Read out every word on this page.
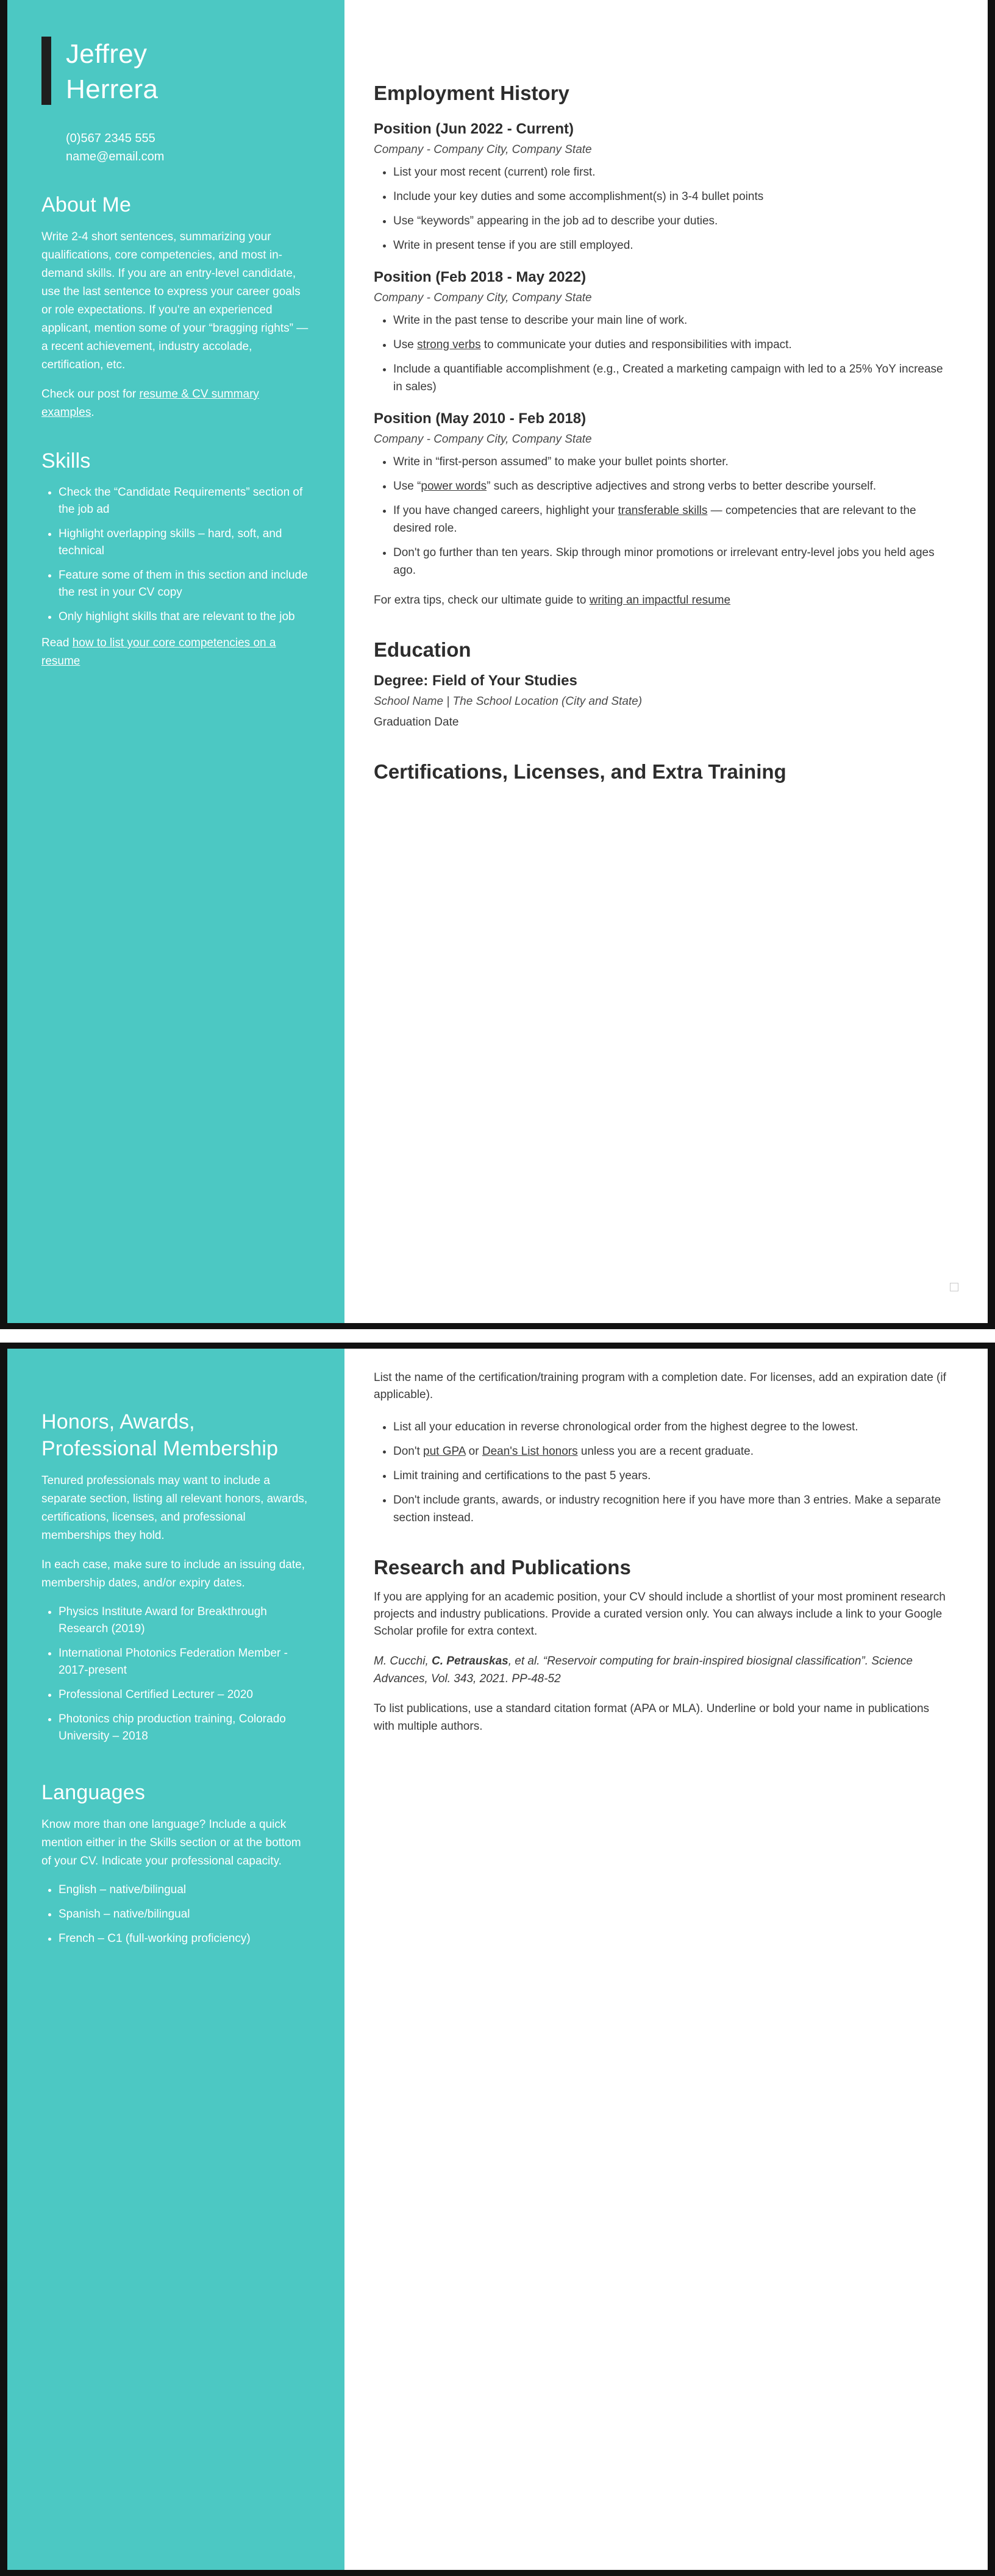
Jeffrey
Herrera
(0)567 2345 555
name@email.com
About Me

Write 2-4 short sentences, summarizing your qualifications, core competencies, and most in-demand skills. If you are an entry-level candidate, use the last sentence to express your career goals or role expectations. If you're an experienced applicant, mention some of your “bragging rights” — a recent achievement, industry accolade, certification, etc.

Check our post for resume & CV summary examples.

Skills
• Check the “Candidate Requirements” section of the job ad
• Highlight overlapping skills – hard, soft, and technical
• Feature some of them in this section and include the rest in your CV copy
• Only highlight skills that are relevant to the job

Read how to list your core competencies on a resume

Employment History
Position (Jun 2022 - Current)

Company - Company City, Company State

• List your most recent (current) role first.
• Include your key duties and some accomplishment(s) in 3-4 bullet points
• Use “keywords” appearing in the job ad to describe your duties.
• Write in present tense if you are still employed.
Position (Feb 2018 - May 2022)

Company - Company City, Company State

• Write in the past tense to describe your main line of work.
• Use strong verbs to communicate your duties and responsibilities with impact.
• Include a quantifiable accomplishment (e.g., Created a marketing campaign with led to a 25% YoY increase in sales)
Position (May 2010 - Feb 2018)

Company - Company City, Company State

• Write in “first-person assumed” to make your bullet points shorter.
• Use “power words” such as descriptive adjectives and strong verbs to better describe yourself.
• If you have changed careers, highlight your transferable skills — competencies that are relevant to the desired role.
• Don't go further than ten years. Skip through minor promotions or irrelevant entry-level jobs you held ages ago.

For extra tips, check our ultimate guide to writing an impactful resume

Education
Degree: Field of Your Studies

School Name | The School Location (City and State)

Graduation Date

Certifications, Licenses, and Extra Training
Honors, Awards, Professional Membership

Tenured professionals may want to include a separate section, listing all relevant honors, awards, certifications, licenses, and professional memberships they hold.

In each case, make sure to include an issuing date, membership dates, and/or expiry dates.

• Physics Institute Award for Breakthrough Research (2019)
• International Photonics Federation Member - 2017-present
• Professional Certified Lecturer – 2020
• Photonics chip production training, Colorado University – 2018
Languages

Know more than one language? Include a quick mention either in the Skills section or at the bottom of your CV. Indicate your professional capacity.

• English – native/bilingual
• Spanish – native/bilingual
• French – C1 (full-working proficiency)

List the name of the certification/training program with a completion date. For licenses, add an expiration date (if applicable).

• List all your education in reverse chronological order from the highest degree to the lowest.
• Don't put GPA or Dean's List honors unless you are a recent graduate.
• Limit training and certifications to the past 5 years.
• Don't include grants, awards, or industry recognition here if you have more than 3 entries. Make a separate section instead.
Research and Publications

If you are applying for an academic position, your CV should include a shortlist of your most prominent research projects and industry publications. Provide a curated version only. You can always include a link to your Google Scholar profile for extra context.

M. Cucchi, C. Petrauskas, et al. “Reservoir computing for brain-inspired biosignal classification”. Science Advances, Vol. 343, 2021. PP-48-52

To list publications, use a standard citation format (APA or MLA). Underline or bold your name in publications with multiple authors.
